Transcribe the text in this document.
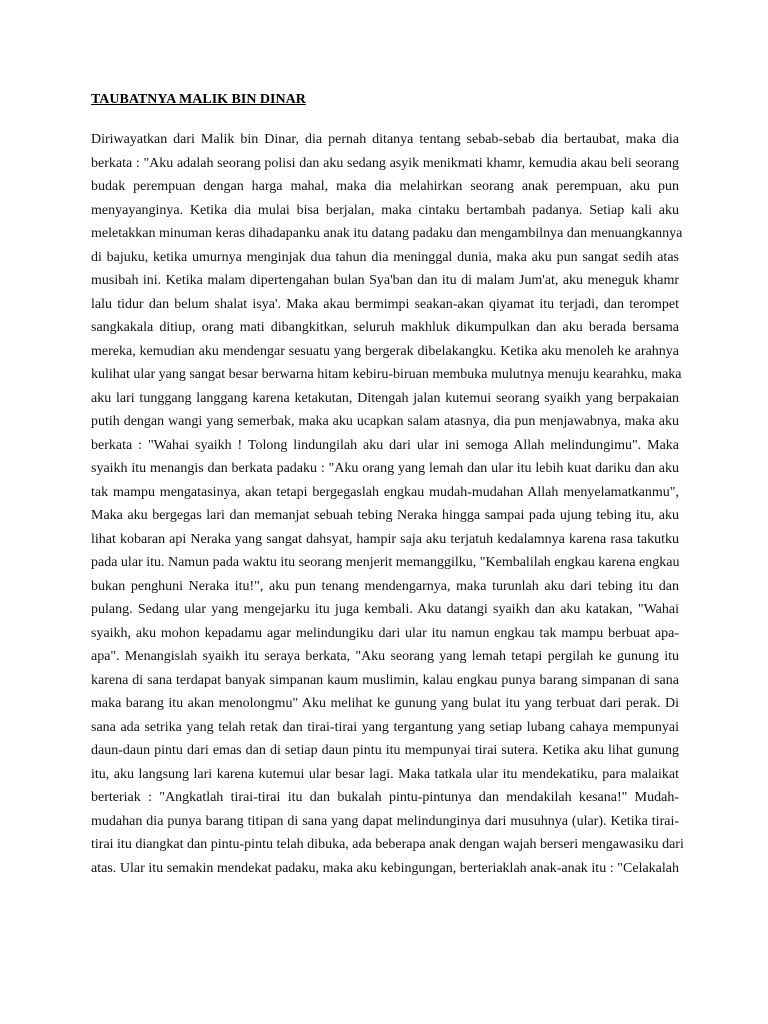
TAUBATNYA MALIK BIN DINAR
Diriwayatkan dari Malik bin Dinar, dia pernah ditanya tentang sebab-sebab dia bertaubat, maka dia
berkata : "Aku adalah seorang polisi dan aku sedang asyik menikmati khamr, kemudia akau beli seorang
budak perempuan dengan harga mahal, maka dia melahirkan seorang anak perempuan, aku pun
menyayanginya. Ketika dia mulai bisa berjalan, maka cintaku bertambah padanya. Setiap kali aku
meletakkan minuman keras dihadapanku anak itu datang padaku dan mengambilnya dan menuangkannya
di bajuku, ketika umurnya menginjak dua tahun dia meninggal dunia, maka aku pun sangat sedih atas
musibah ini. Ketika malam dipertengahan bulan Sya'ban dan itu di malam Jum'at, aku meneguk khamr
lalu tidur dan belum shalat isya'. Maka akau bermimpi seakan-akan qiyamat itu terjadi, dan terompet
sangkakala ditiup, orang mati dibangkitkan, seluruh makhluk dikumpulkan dan aku berada bersama
mereka, kemudian aku mendengar sesuatu yang bergerak dibelakangku. Ketika aku menoleh ke arahnya
kulihat ular yang sangat besar berwarna hitam kebiru-biruan membuka mulutnya menuju kearahku, maka
aku lari tunggang langgang karena ketakutan, Ditengah jalan kutemui seorang syaikh yang berpakaian
putih dengan wangi yang semerbak, maka aku ucapkan salam atasnya, dia pun menjawabnya, maka aku
berkata : "Wahai syaikh ! Tolong lindungilah aku dari ular ini semoga Allah melindungimu". Maka
syaikh itu menangis dan berkata padaku : "Aku orang yang lemah dan ular itu lebih kuat dariku dan aku
tak mampu mengatasinya, akan tetapi bergegaslah engkau mudah-mudahan Allah menyelamatkanmu",
Maka aku bergegas lari dan memanjat sebuah tebing Neraka hingga sampai pada ujung tebing itu, aku
lihat kobaran api Neraka yang sangat dahsyat, hampir saja aku terjatuh kedalamnya karena rasa takutku
pada ular itu. Namun pada waktu itu seorang menjerit memanggilku, "Kembalilah engkau karena engkau
bukan penghuni Neraka itu!", aku pun tenang mendengarnya, maka turunlah aku dari tebing itu dan
pulang. Sedang ular yang mengejarku itu juga kembali. Aku datangi syaikh dan aku katakan, "Wahai
syaikh, aku mohon kepadamu agar melindungiku dari ular itu namun engkau tak mampu berbuat apa-
apa". Menangislah syaikh itu seraya berkata, "Aku seorang yang lemah tetapi pergilah ke gunung itu
karena di sana terdapat banyak simpanan kaum muslimin, kalau engkau punya barang simpanan di sana
maka barang itu akan menolongmu" Aku melihat ke gunung yang bulat itu yang terbuat dari perak. Di
sana ada setrika yang telah retak dan tirai-tirai yang tergantung yang setiap lubang cahaya mempunyai
daun-daun pintu dari emas dan di setiap daun pintu itu mempunyai tirai sutera. Ketika aku lihat gunung
itu, aku langsung lari karena kutemui ular besar lagi. Maka tatkala ular itu mendekatiku, para malaikat
berteriak : "Angkatlah tirai-tirai itu dan bukalah pintu-pintunya dan mendakilah kesana!" Mudah-
mudahan dia punya barang titipan di sana yang dapat melindunginya dari musuhnya (ular). Ketika tirai-
tirai itu diangkat dan pintu-pintu telah dibuka, ada beberapa anak dengan wajah berseri mengawasiku dari
atas. Ular itu semakin mendekat padaku, maka aku kebingungan, berteriaklah anak-anak itu : "Celakalah
